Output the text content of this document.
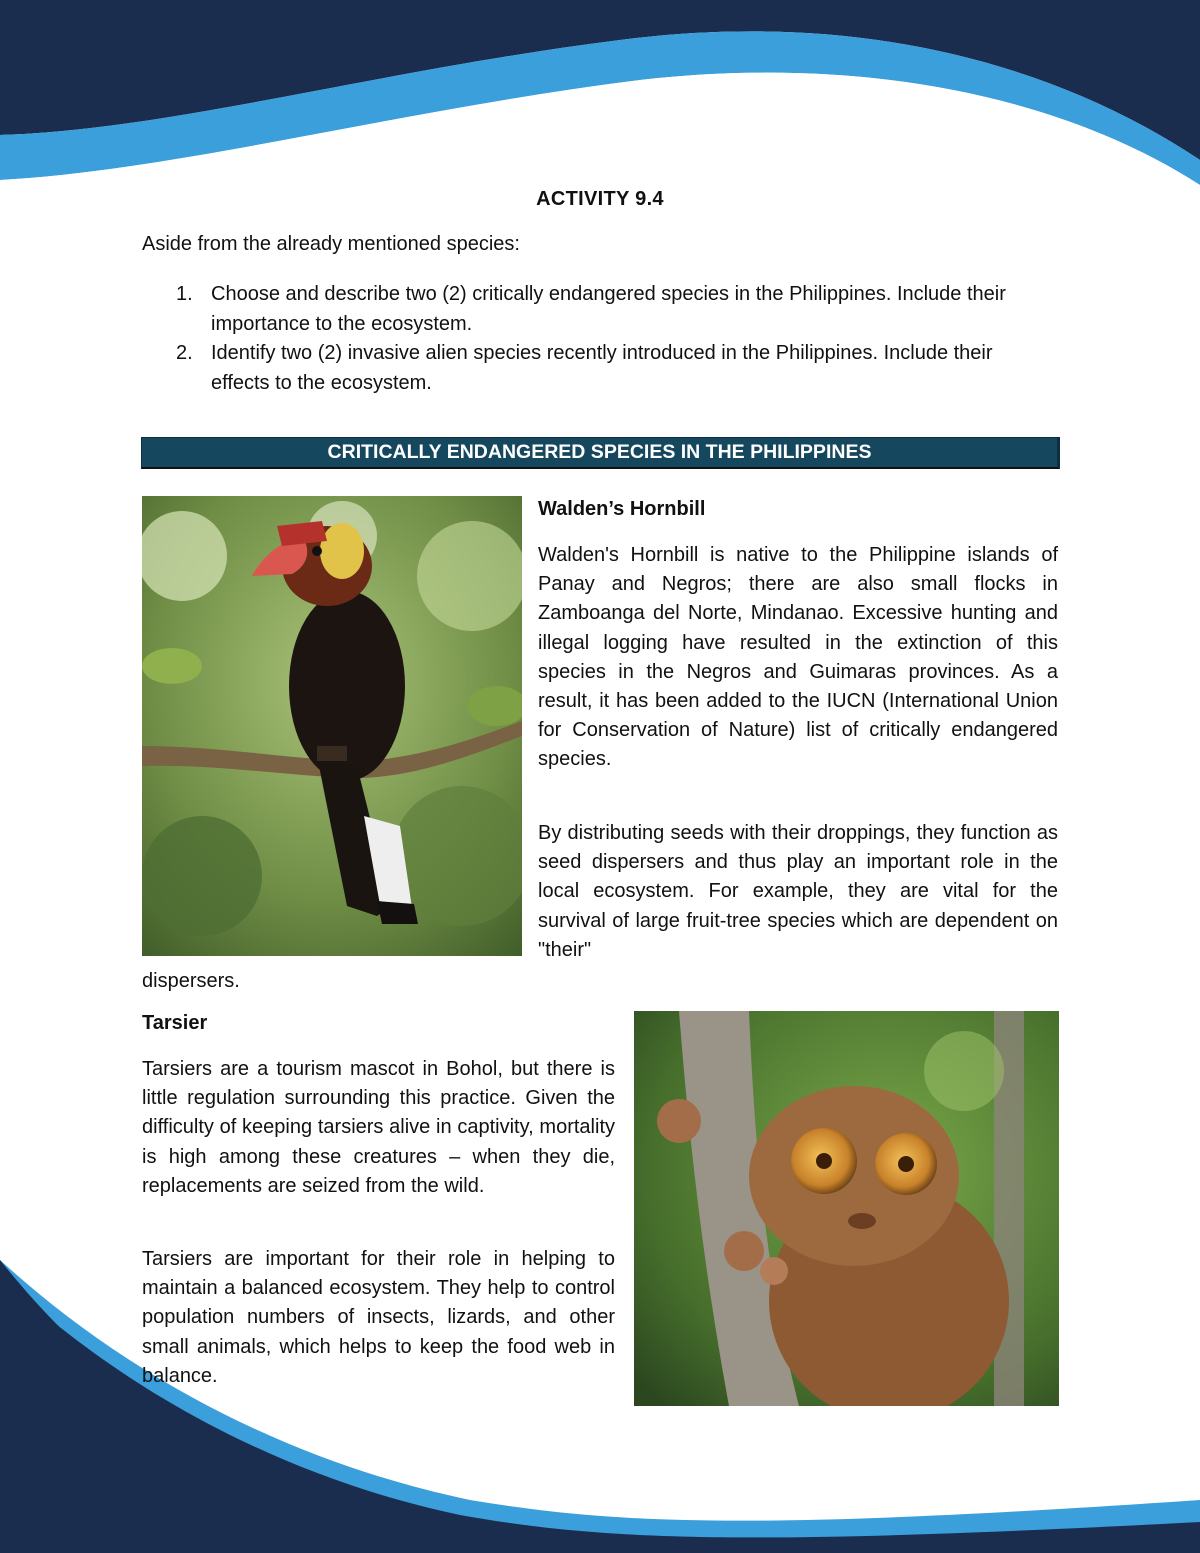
ACTIVITY 9.4
Aside from the already mentioned species:
1. Choose and describe two (2) critically endangered species in the Philippines. Include their importance to the ecosystem.
2. Identify two (2) invasive alien species recently introduced in the Philippines. Include their effects to the ecosystem.
CRITICALLY ENDANGERED SPECIES IN THE PHILIPPINES
Walden’s Hornbill

Walden's Hornbill is native to the Philippine islands of Panay and Negros; there are also small flocks in Zamboanga del Norte, Mindanao. Excessive hunting and illegal logging have resulted in the extinction of this species in the Negros and Guimaras provinces. As a result, it has been added to the IUCN (International Union for Conservation of Nature) list of critically endangered species.

By distributing seeds with their droppings, they function as seed dispersers and thus play an important role in the local ecosystem. For example, they are vital for the survival of large fruit-tree species which are dependent on "their"

dispersers.

Tarsier

Tarsiers are a tourism mascot in Bohol, but there is little regulation surrounding this practice. Given the difficulty of keeping tarsiers alive in captivity, mortality is high among these creatures – when they die, replacements are seized from the wild.

Tarsiers are important for their role in helping to maintain a balanced ecosystem. They help to control population numbers of insects, lizards, and other small animals, which helps to keep the food web in balance.
